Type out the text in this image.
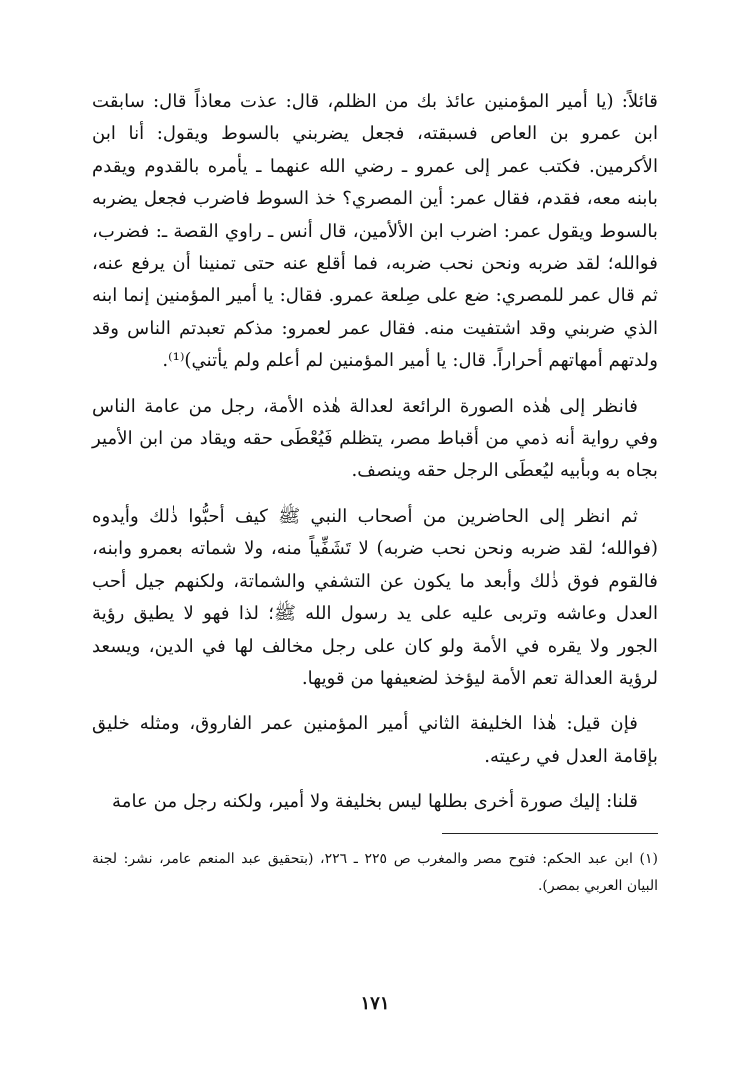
قائلاً: (يا أمير المؤمنين عائذ بك من الظلم، قال: عذت معاذاً قال: سابقت ابن عمرو بن العاص فسبقته، فجعل يضربني بالسوط ويقول: أنا ابن الأكرمين. فكتب عمر إلى عمرو ـ رضي الله عنهما ـ يأمره بالقدوم ويقدم بابنه معه، فقدم، فقال عمر: أين المصري؟ خذ السوط فاضرب فجعل يضربه بالسوط ويقول عمر: اضرب ابن الألأمين، قال أنس ـ راوي القصة ـ: فضرب، فوالله؛ لقد ضربه ونحن نحب ضربه، فما أقلع عنه حتى تمنينا أن يرفع عنه، ثم قال عمر للمصري: ضع على صِلعة عمرو. فقال: يا أمير المؤمنين إنما ابنه الذي ضربني وقد اشتفيت منه. فقال عمر لعمرو: مذكم تعبدتم الناس وقد ولدتهم أمهاتهم أحراراً. قال: يا أمير المؤمنين لم أعلم ولم يأتني)⁽¹⁾.

فانظر إلى هٰذه الصورة الرائعة لعدالة هٰذه الأمة، رجل من عامة الناس وفي رواية أنه ذمي من أقباط مصر، يتظلم فَيُعْطَى حقه ويقاد من ابن الأمير بجاه به وبأبيه ليُعطَى الرجل حقه وينصف.

ثم انظر إلى الحاضرين من أصحاب النبي ﷺ كيف أحبُّوا ذٰلك وأيدوه (فوالله؛ لقد ضربه ونحن نحب ضربه) لا تَشَفِّياً منه، ولا شماته بعمرو وابنه، فالقوم فوق ذٰلك وأبعد ما يكون عن التشفي والشماتة، ولكنهم جيل أحب العدل وعاشه وتربى عليه على يد رسول الله ﷺ؛ لذا فهو لا يطيق رؤية الجور ولا يقره في الأمة ولو كان على رجل مخالف لها في الدين، ويسعد لرؤية العدالة تعم الأمة ليؤخذ لضعيفها من قويها.

فإن قيل: هٰذا الخليفة الثاني أمير المؤمنين عمر الفاروق، ومثله خليق بإقامة العدل في رعيته.

قلنا: إليك صورة أخرى بطلها ليس بخليفة ولا أمير، ولكنه رجل من عامة

(١) ابن عبد الحكم: فتوح مصر والمغرب ص ٢٢٥ ـ ٢٢٦، (بتحقيق عبد المنعم عامر، نشر: لجنة البيان العربي بمصر).

١٧١
